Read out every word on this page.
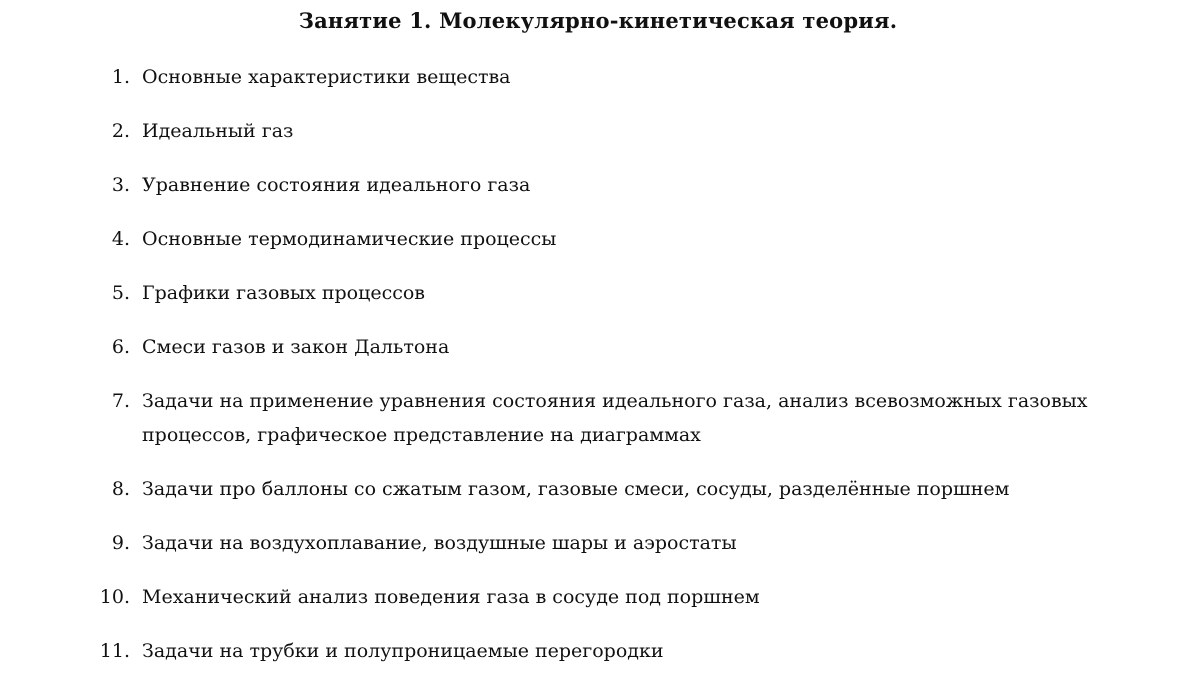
Занятие 1. Молекулярно-кинетическая теория.
1. Основные характеристики вещества
2. Идеальный газ
3. Уравнение состояния идеального газа
4. Основные термодинамические процессы
5. Графики газовых процессов
6. Смеси газов и закон Дальтона
7. Задачи на применение уравнения состояния идеального газа, анализ всевозможных газовых процессов, графическое представление на диаграммах
8. Задачи про баллоны со сжатым газом, газовые смеси, сосуды, разделённые поршнем
9. Задачи на воздухоплавание, воздушные шары и аэростаты
10. Механический анализ поведения газа в сосуде под поршнем
11. Задачи на трубки и полупроницаемые перегородки
